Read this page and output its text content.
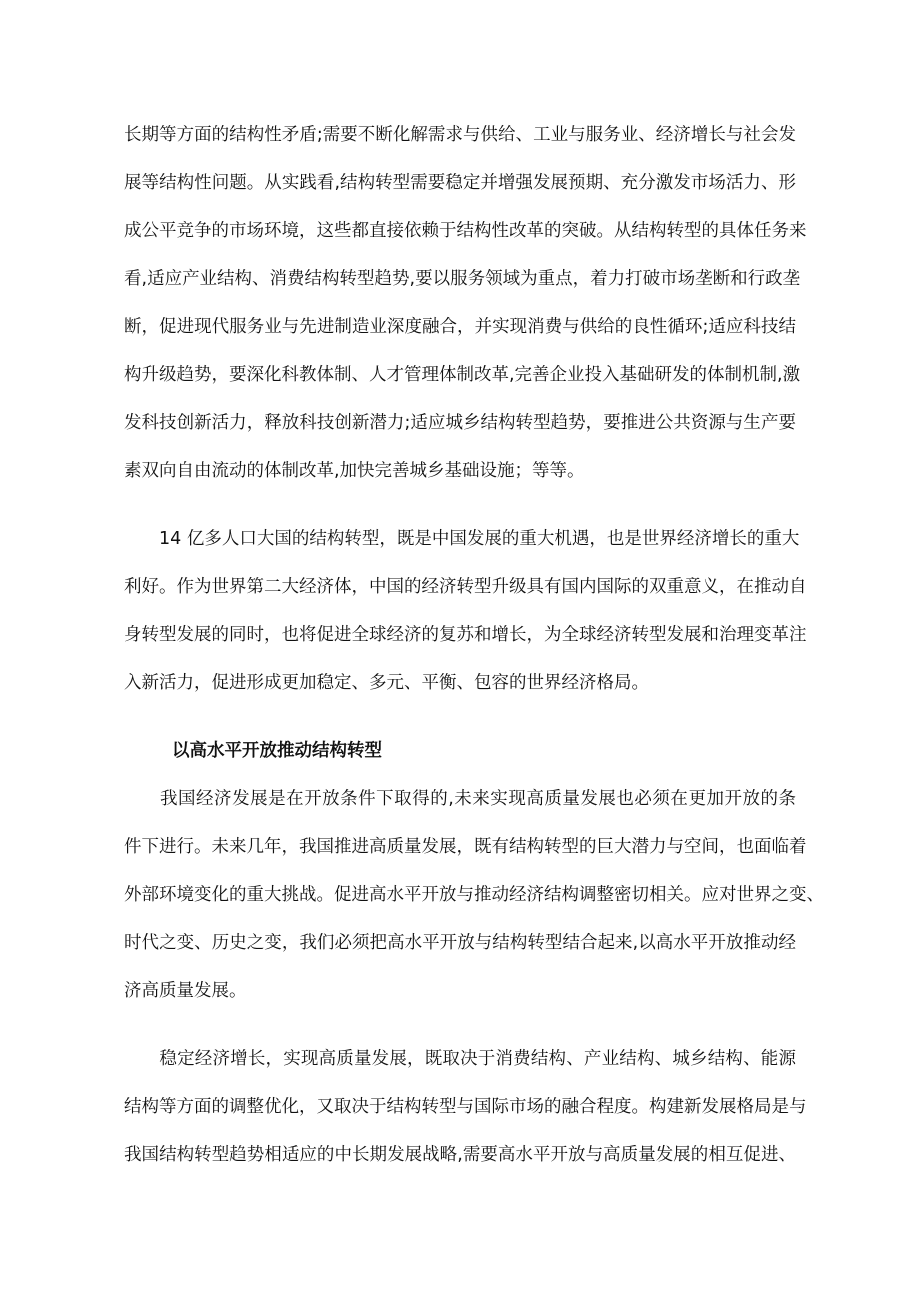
长期等方面的结构性矛盾;需要不断化解需求与供给、工业与服务业、经济增长与社会发
展等结构性问题。从实践看,结构转型需要稳定并增强发展预期、充分激发市场活力、形
成公平竞争的市场环境，这些都直接依赖于结构性改革的突破。从结构转型的具体任务来
看,适应产业结构、消费结构转型趋势,要以服务领域为重点，着力打破市场垄断和行政垄
断，促进现代服务业与先进制造业深度融合，并实现消费与供给的良性循环;适应科技结
构升级趋势，要深化科教体制、人才管理体制改革,完善企业投入基础研发的体制机制,激
发科技创新活力，释放科技创新潜力;适应城乡结构转型趋势，要推进公共资源与生产要
素双向自由流动的体制改革,加快完善城乡基础设施；等等。
　　14 亿多人口大国的结构转型，既是中国发展的重大机遇，也是世界经济增长的重大
利好。作为世界第二大经济体，中国的经济转型升级具有国内国际的双重意义，在推动自
身转型发展的同时，也将促进全球经济的复苏和增长，为全球经济转型发展和治理变革注
入新活力，促进形成更加稳定、多元、平衡、包容的世界经济格局。
以高水平开放推动结构转型
　　我国经济发展是在开放条件下取得的,未来实现高质量发展也必须在更加开放的条
件下进行。未来几年，我国推进高质量发展，既有结构转型的巨大潜力与空间，也面临着
外部环境变化的重大挑战。促进高水平开放与推动经济结构调整密切相关。应对世界之变、
时代之变、历史之变，我们必须把高水平开放与结构转型结合起来,以高水平开放推动经
济高质量发展。
　　稳定经济增长，实现高质量发展，既取决于消费结构、产业结构、城乡结构、能源
结构等方面的调整优化，又取决于结构转型与国际市场的融合程度。构建新发展格局是与
我国结构转型趋势相适应的中长期发展战略,需要高水平开放与高质量发展的相互促进、
